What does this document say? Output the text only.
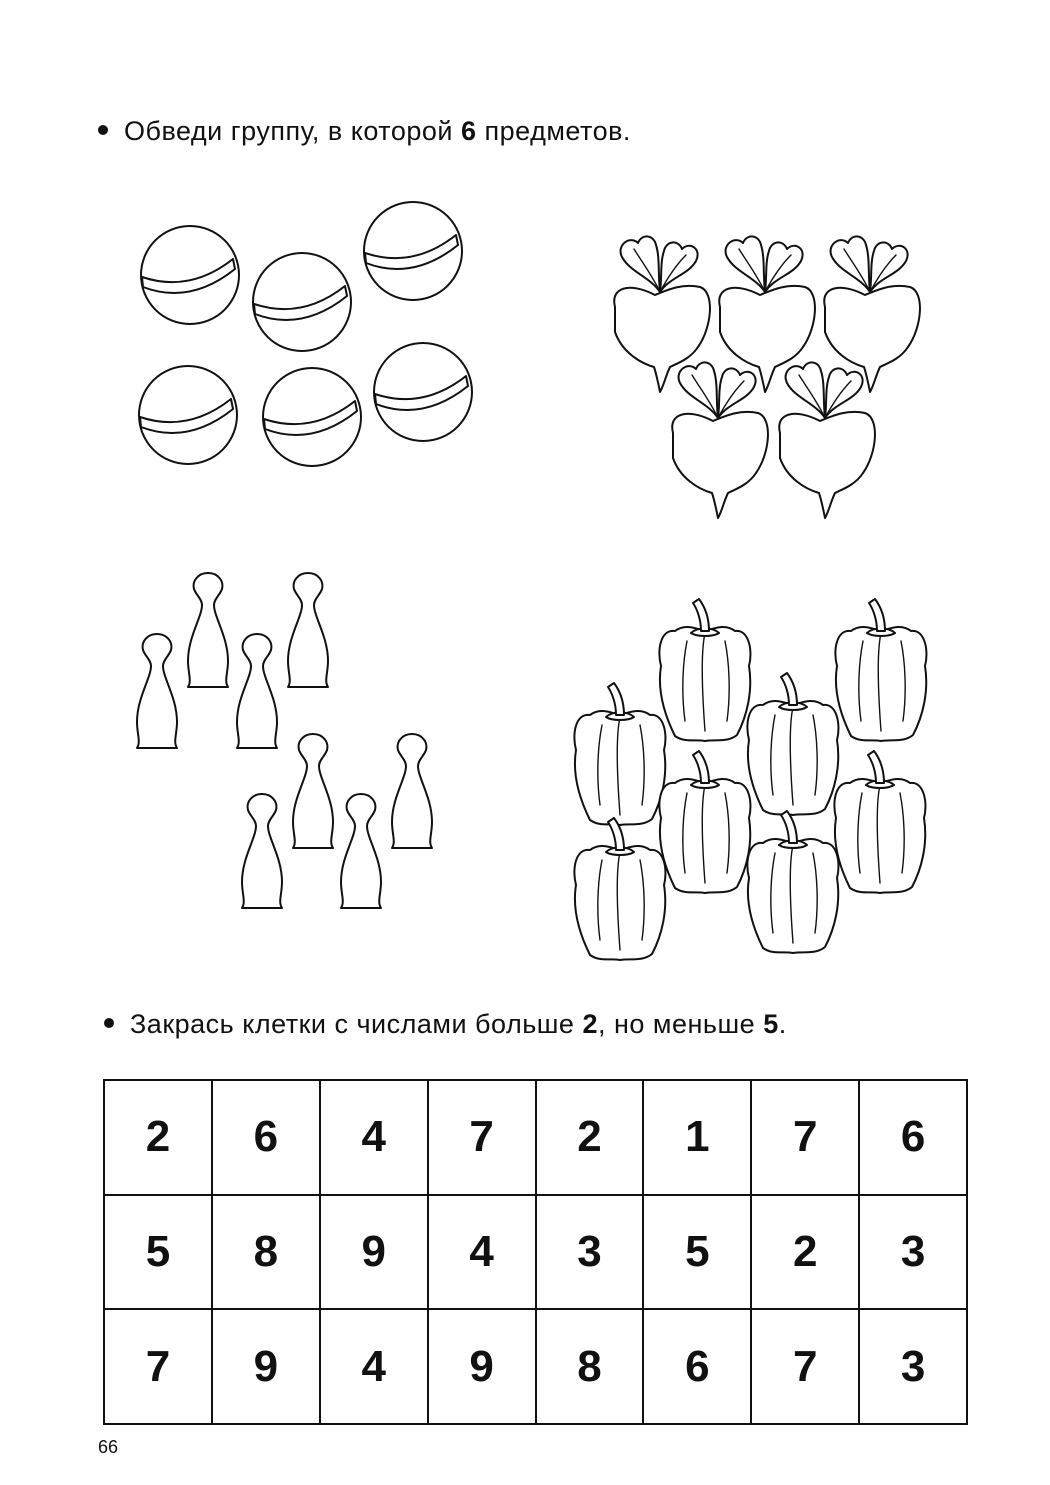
Обведи группу, в которой 6 предметов.
Закрась клетки с числами больше 2, но меньше 5.
2	6	4	7	2	1	7	6
5	8	9	4	3	5	2	3
7	9	4	9	8	6	7	3
66
